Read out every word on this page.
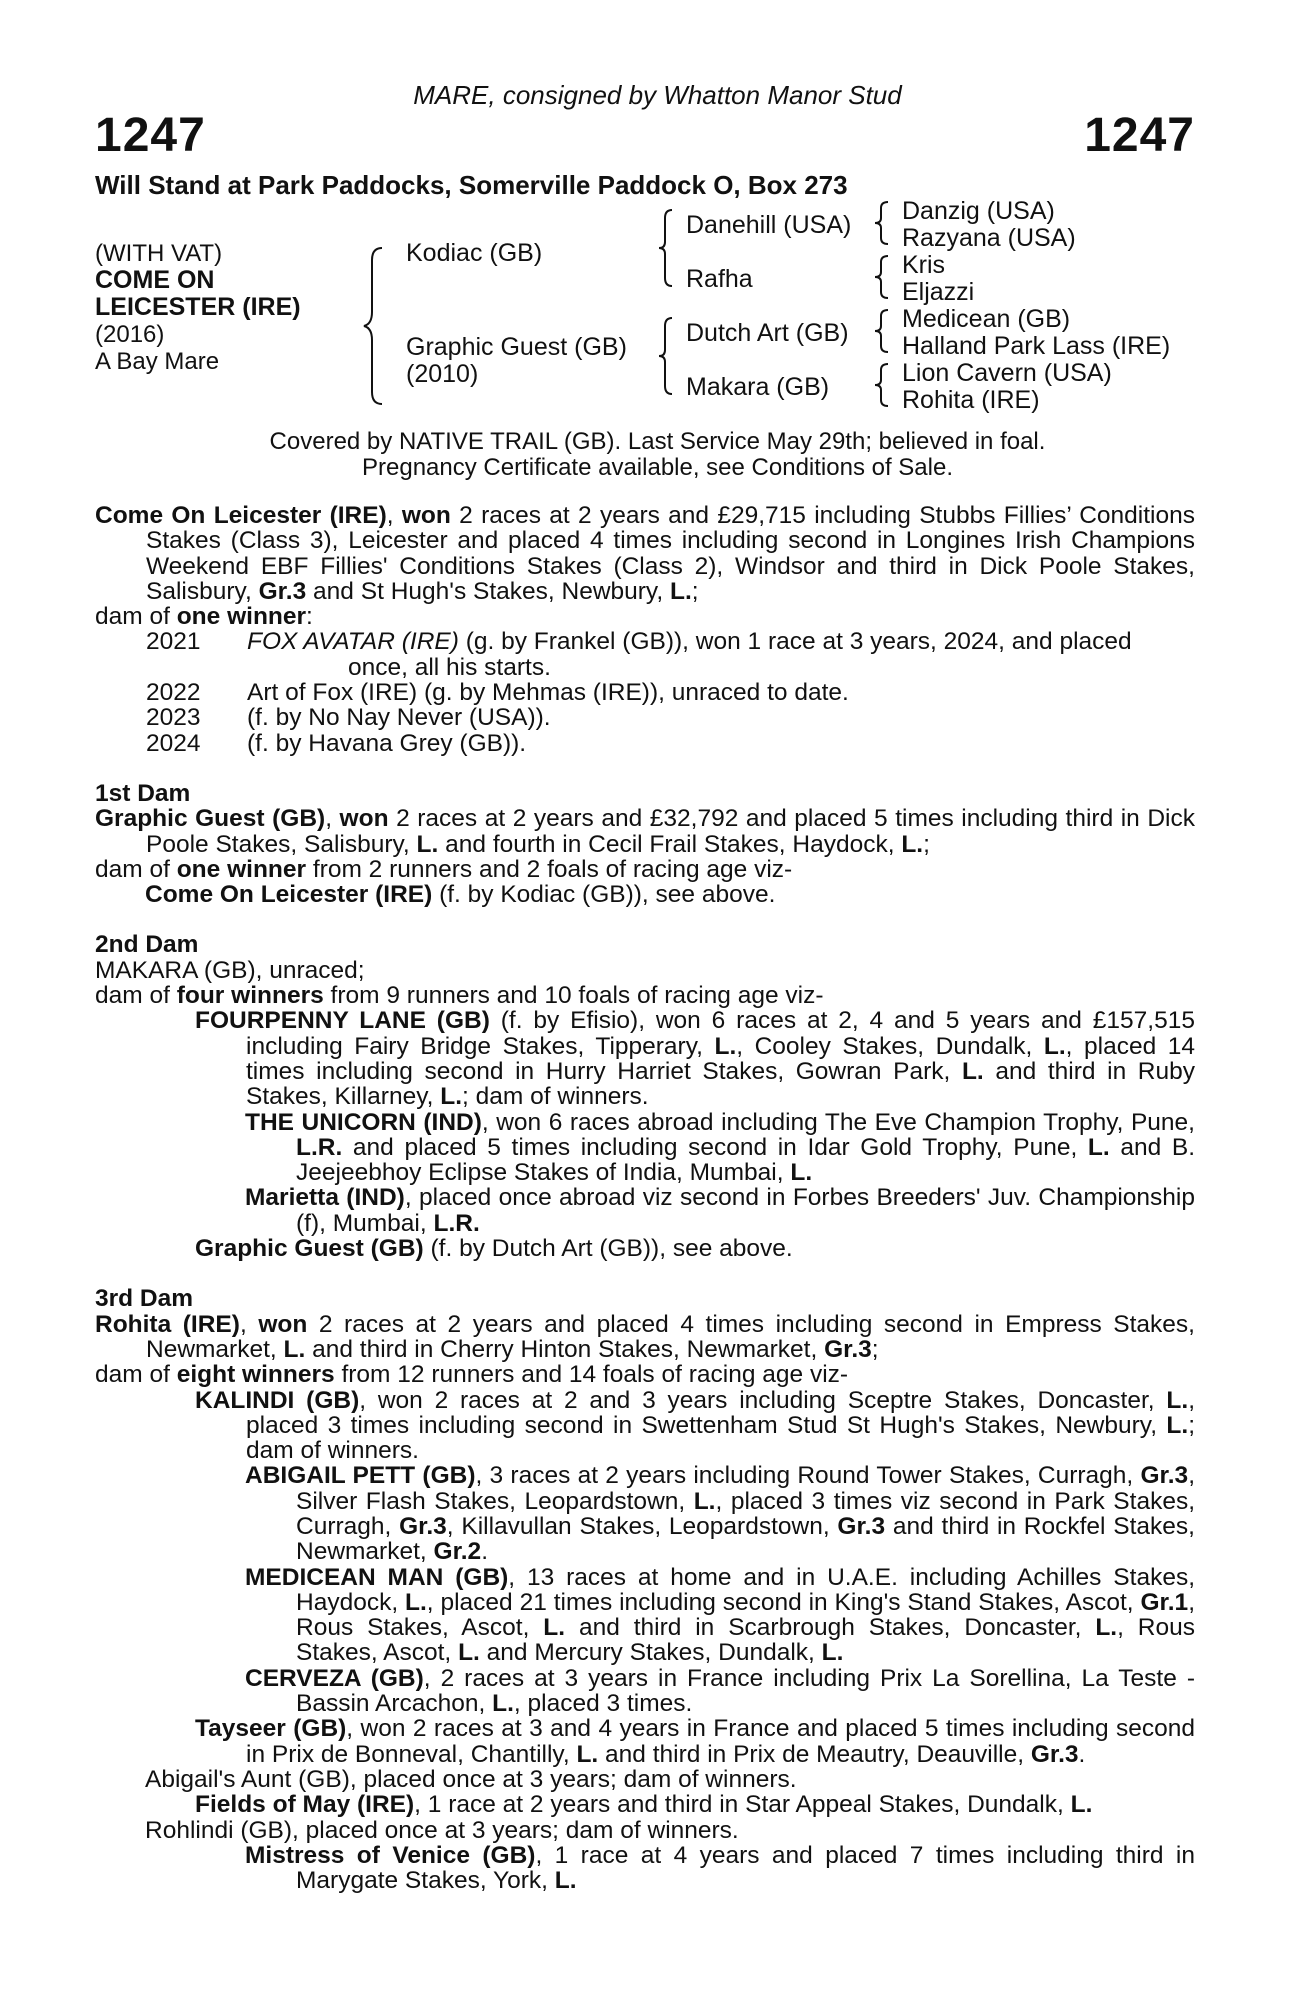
MARE, consigned by Whatton Manor Stud
1247	1247
Will Stand at Park Paddocks, Somerville Paddock O, Box 273
(WITH VAT)
COME ON
LEICESTER (IRE)
(2016)
A Bay Mare
Kodiac (GB)
Graphic Guest (GB)
(2010)
Danehill (USA)
Rafha
Dutch Art (GB)
Makara (GB)
Danzig (USA)
Razyana (USA)
Kris
Eljazzi
Medicean (GB)
Halland Park Lass (IRE)
Lion Cavern (USA)
Rohita (IRE)
Covered by NATIVE TRAIL (GB). Last Service May 29th; believed in foal.
Pregnancy Certificate available, see Conditions of Sale.

Come On Leicester (IRE), won 2 races at 2 years and £29,715 including Stubbs Fillies’ Conditions Stakes (Class 3), Leicester and placed 4 times including second in Longines Irish Champions Weekend EBF Fillies' Conditions Stakes (Class 2), Windsor and third in Dick Poole Stakes, Salisbury, Gr.3 and St Hugh's Stakes, Newbury, L.;

dam of one winner:

2021 FOX AVATAR (IRE) (g. by Frankel (GB)), won 1 race at 3 years, 2024, and placed
once, all his starts.

2022 Art of Fox (IRE) (g. by Mehmas (IRE)), unraced to date.

2023 (f. by No Nay Never (USA)).

2024 (f. by Havana Grey (GB)).

1st Dam

Graphic Guest (GB), won 2 races at 2 years and £32,792 and placed 5 times including third in Dick Poole Stakes, Salisbury, L. and fourth in Cecil Frail Stakes, Haydock, L.;

dam of one winner from 2 runners and 2 foals of racing age viz-

Come On Leicester (IRE) (f. by Kodiac (GB)), see above.

2nd Dam

MAKARA (GB), unraced;

dam of four winners from 9 runners and 10 foals of racing age viz-

FOURPENNY LANE (GB) (f. by Efisio), won 6 races at 2, 4 and 5 years and £157,515 including Fairy Bridge Stakes, Tipperary, L., Cooley Stakes, Dundalk, L., placed 14 times including second in Hurry Harriet Stakes, Gowran Park, L. and third in Ruby Stakes, Killarney, L.; dam of winners.

THE UNICORN (IND), won 6 races abroad including The Eve Champion Trophy, Pune, L.R. and placed 5 times including second in Idar Gold Trophy, Pune, L. and B. Jeejeebhoy Eclipse Stakes of India, Mumbai, L.

Marietta (IND), placed once abroad viz second in Forbes Breeders' Juv. Championship (f), Mumbai, L.R.

Graphic Guest (GB) (f. by Dutch Art (GB)), see above.

3rd Dam

Rohita (IRE), won 2 races at 2 years and placed 4 times including second in Empress Stakes, Newmarket, L. and third in Cherry Hinton Stakes, Newmarket, Gr.3;

dam of eight winners from 12 runners and 14 foals of racing age viz-

KALINDI (GB), won 2 races at 2 and 3 years including Sceptre Stakes, Doncaster, L., placed 3 times including second in Swettenham Stud St Hugh's Stakes, Newbury, L.; dam of winners.

ABIGAIL PETT (GB), 3 races at 2 years including Round Tower Stakes, Curragh, Gr.3, Silver Flash Stakes, Leopardstown, L., placed 3 times viz second in Park Stakes, Curragh, Gr.3, Killavullan Stakes, Leopardstown, Gr.3 and third in Rockfel Stakes, Newmarket, Gr.2.

MEDICEAN MAN (GB), 13 races at home and in U.A.E. including Achilles Stakes, Haydock, L., placed 21 times including second in King's Stand Stakes, Ascot, Gr.1, Rous Stakes, Ascot, L. and third in Scarbrough Stakes, Doncaster, L., Rous Stakes, Ascot, L. and Mercury Stakes, Dundalk, L.

CERVEZA (GB), 2 races at 3 years in France including Prix La Sorellina, La Teste - Bassin Arcachon, L., placed 3 times.

Tayseer (GB), won 2 races at 3 and 4 years in France and placed 5 times including second in Prix de Bonneval, Chantilly, L. and third in Prix de Meautry, Deauville, Gr.3.

Abigail's Aunt (GB), placed once at 3 years; dam of winners.

Fields of May (IRE), 1 race at 2 years and third in Star Appeal Stakes, Dundalk, L.

Rohlindi (GB), placed once at 3 years; dam of winners.

Mistress of Venice (GB), 1 race at 4 years and placed 7 times including third in Marygate Stakes, York, L.
